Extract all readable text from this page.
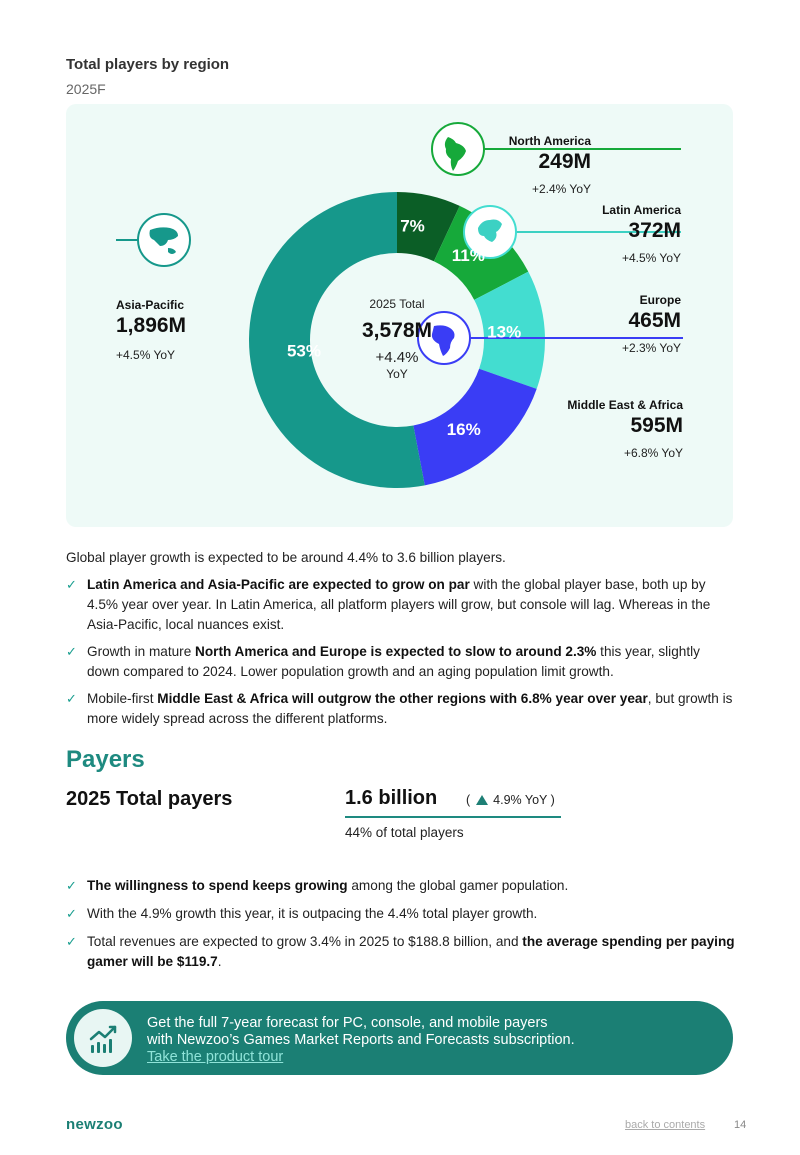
Total players by region
2025F
7%
11%
13%
16%
53%
2025 Total
3,578M
+4.4%
YoY
North America
249M
+2.4% YoY
Latin America
372M
+4.5% YoY
Europe
465M
+2.3% YoY
Middle East & Africa
595M
+6.8% YoY
Asia-Pacific
1,896M
+4.5% YoY
Global player growth is expected to be around 4.4% to 3.6 billion players.
✓ Latin America and Asia-Pacific are expected to grow on par with the global player base, both up by 4.5% year over year. In Latin America, all platform players will grow, but console will lag. Whereas in the Asia-Pacific, local nuances exist.
✓ Growth in mature North America and Europe is expected to slow to around 2.3% this year, slightly down compared to 2024. Lower population growth and an aging population limit growth.
✓ Mobile-first Middle East & Africa will outgrow the other regions with 6.8% year over year, but growth is more widely spread across the different platforms.
Payers
2025 Total payers	1.6 billion ( 4.9% YoY )
44% of total players
✓ The willingness to spend keeps growing among the global gamer population.
✓ With the 4.9% growth this year, it is outpacing the 4.4% total player growth.
✓ Total revenues are expected to grow 3.4% in 2025 to $188.8 billion, and the average spending per paying gamer will be $119.7.
Get the full 7-year forecast for PC, console, and mobile payers
with Newzoo’s Games Market Reports and Forecasts subscription.
Take the product tour
newzoo	back to contents	14
